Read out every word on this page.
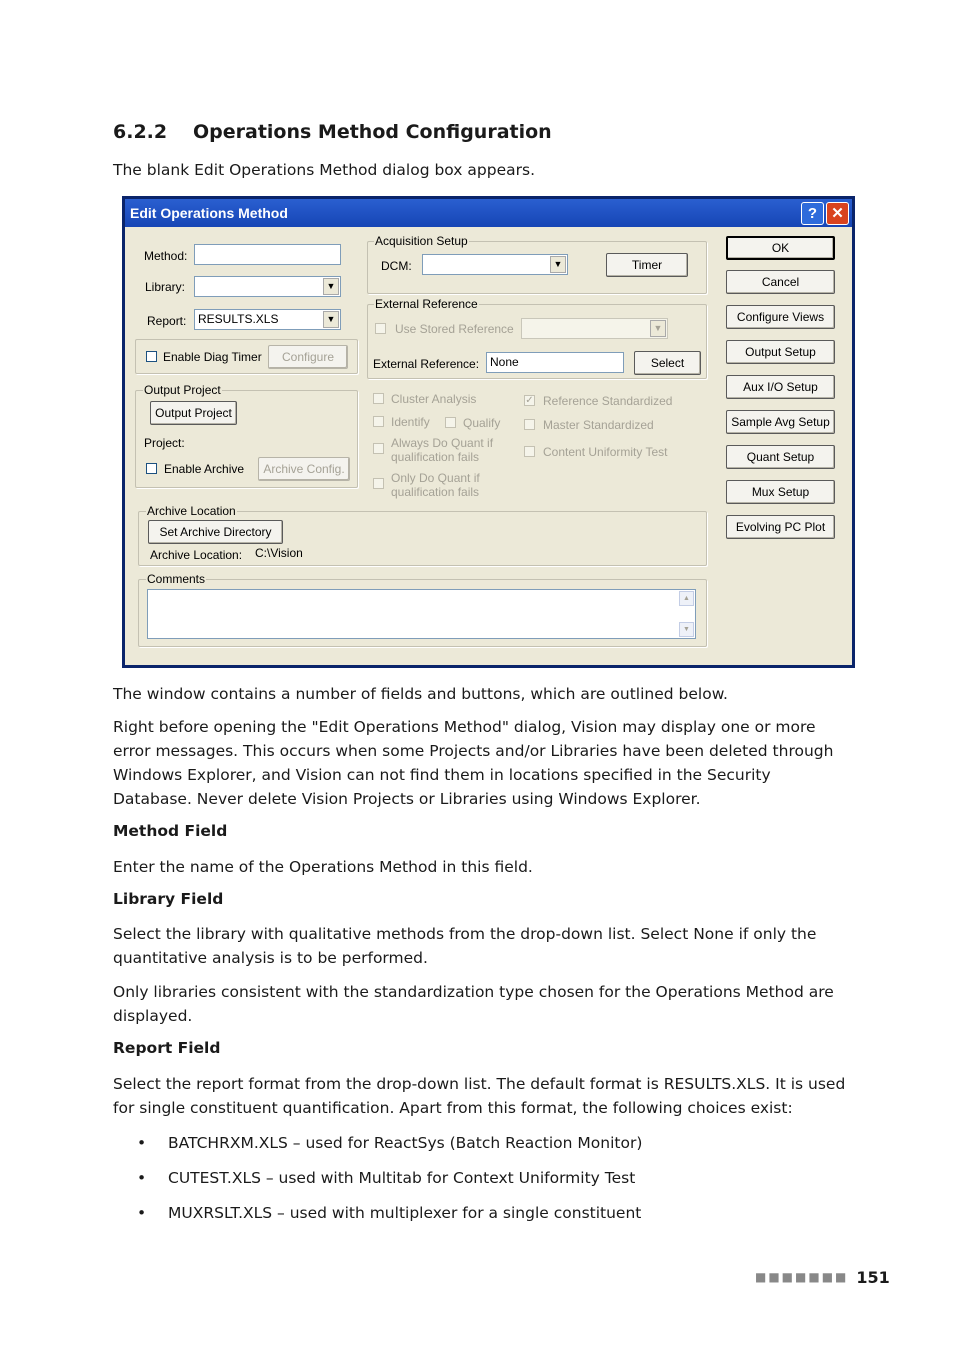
6.2.2 Operations Method Configuration

The blank Edit Operations Method dialog box appears.

Edit Operations Method	? ✕
Method:
Library:	▼
Report: RESULTS.XLS	▼
Enable Diag Timer	Configure
Output Project
Output Project
Project:
Enable Archive	Archive Config.
Acquisition Setup
DCM:	▼	Timer
External Reference
Use Stored Reference	▼
External Reference: None	Select
Cluster Analysis	✓ Reference Standardized
Identify	Qualify	Master Standardized
Always Do Quant if
qualification fails	Content Uniformity Test
Only Do Quant if
qualification fails
Archive Location
Set Archive Directory
Archive Location: C:\Vision
Comments
▲
▼
OK
Cancel
Configure Views
Output Setup
Aux I/O Setup
Sample Avg Setup
Quant Setup
Mux Setup
Evolving PC Plot

The window contains a number of fields and buttons, which are outlined below.

Right before opening the "Edit Operations Method" dialog, Vision may display one or more error messages. This occurs when some Projects and/or Libraries have been deleted through Windows Explorer, and Vision can not find them in locations specified in the Security Database. Never delete Vision Projects or Libraries using Windows Explorer.

Method Field

Enter the name of the Operations Method in this field.

Library Field

Select the library with qualitative methods from the drop-down list. Select None if only the quantitative analysis is to be performed.

Only libraries consistent with the standardization type chosen for the Operations Method are displayed.

Report Field

Select the report format from the drop-down list. The default format is RESULTS.XLS. It is used for single constituent quantification. Apart from this format, the following choices exist:

• BATCHRXM.XLS – used for ReactSys (Batch Reaction Monitor)
• CUTEST.XLS – used with Multitab for Context Uniformity Test
• MUXRSLT.XLS – used with multiplexer for a single constituent
■■■■■■■ 151
